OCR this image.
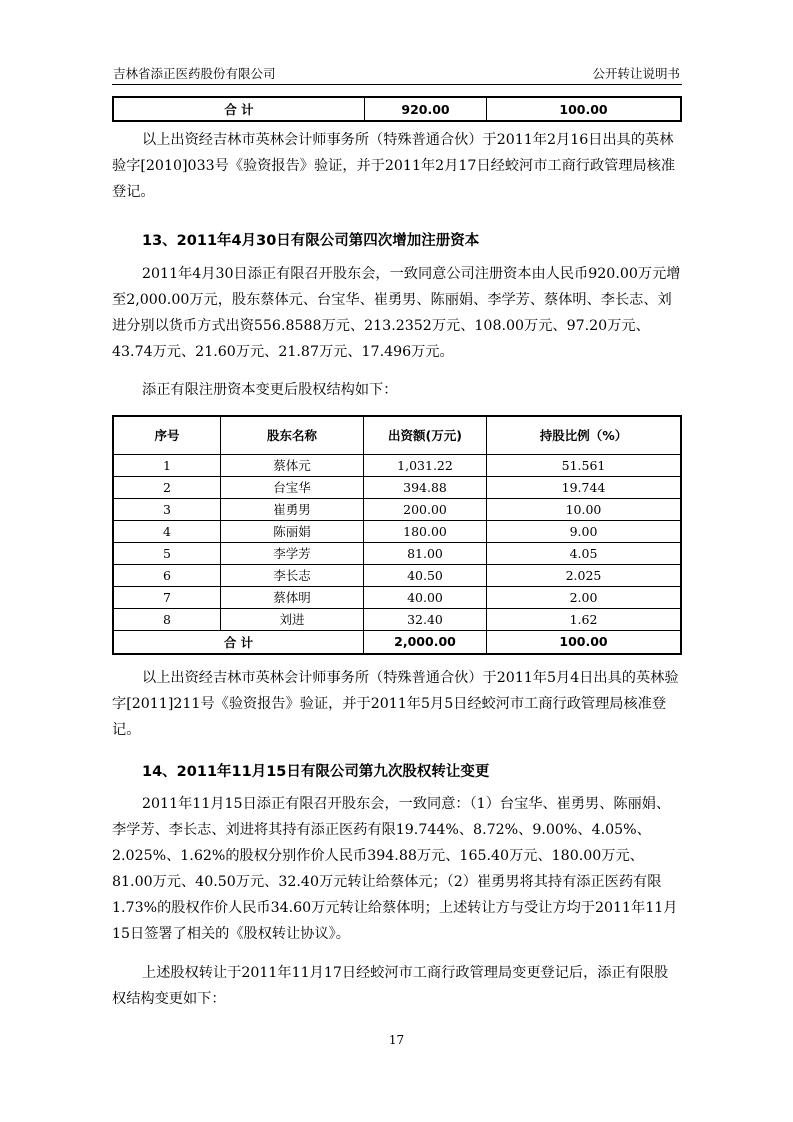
吉林省添正医药股份有限公司	公开转让说明书
合 计	920.00	100.00

以上出资经吉林市英林会计师事务所（特殊普通合伙）于2011年2月16日出具的英林验字[2010]033号《验资报告》验证，并于2011年2月17日经蛟河市工商行政管理局核准登记。

13、2011年4月30日有限公司第四次增加注册资本

2011年4月30日添正有限召开股东会，一致同意公司注册资本由人民币920.00万元增至2,000.00万元，股东蔡体元、台宝华、崔勇男、陈丽娟、李学芳、蔡体明、李长志、刘进分别以货币方式出资556.8588万元、213.2352万元、108.00万元、97.20万元、43.74万元、21.60万元、21.87万元、17.496万元。

添正有限注册资本变更后股权结构如下：

序号	股东名称	出资额(万元)	持股比例（%）
1	蔡体元	1,031.22	51.561
2	台宝华	394.88	19.744
3	崔勇男	200.00	10.00
4	陈丽娟	180.00	9.00
5	李学芳	81.00	4.05
6	李长志	40.50	2.025
7	蔡体明	40.00	2.00
8	刘进	32.40	1.62
合 计		2,000.00	100.00

以上出资经吉林市英林会计师事务所（特殊普通合伙）于2011年5月4日出具的英林验字[2011]211号《验资报告》验证，并于2011年5月5日经蛟河市工商行政管理局核准登记。

14、2011年11月15日有限公司第九次股权转让变更

2011年11月15日添正有限召开股东会，一致同意：（1）台宝华、崔勇男、陈丽娟、李学芳、李长志、刘进将其持有添正医药有限19.744%、8.72%、9.00%、4.05%、2.025%、1.62%的股权分别作价人民币394.88万元、165.40万元、180.00万元、81.00万元、40.50万元、32.40万元转让给蔡体元；（2）崔勇男将其持有添正医药有限1.73%的股权作价人民币34.60万元转让给蔡体明；上述转让方与受让方均于2011年11月15日签署了相关的《股权转让协议》。

上述股权转让于2011年11月17日经蛟河市工商行政管理局变更登记后，添正有限股权结构变更如下：

17
